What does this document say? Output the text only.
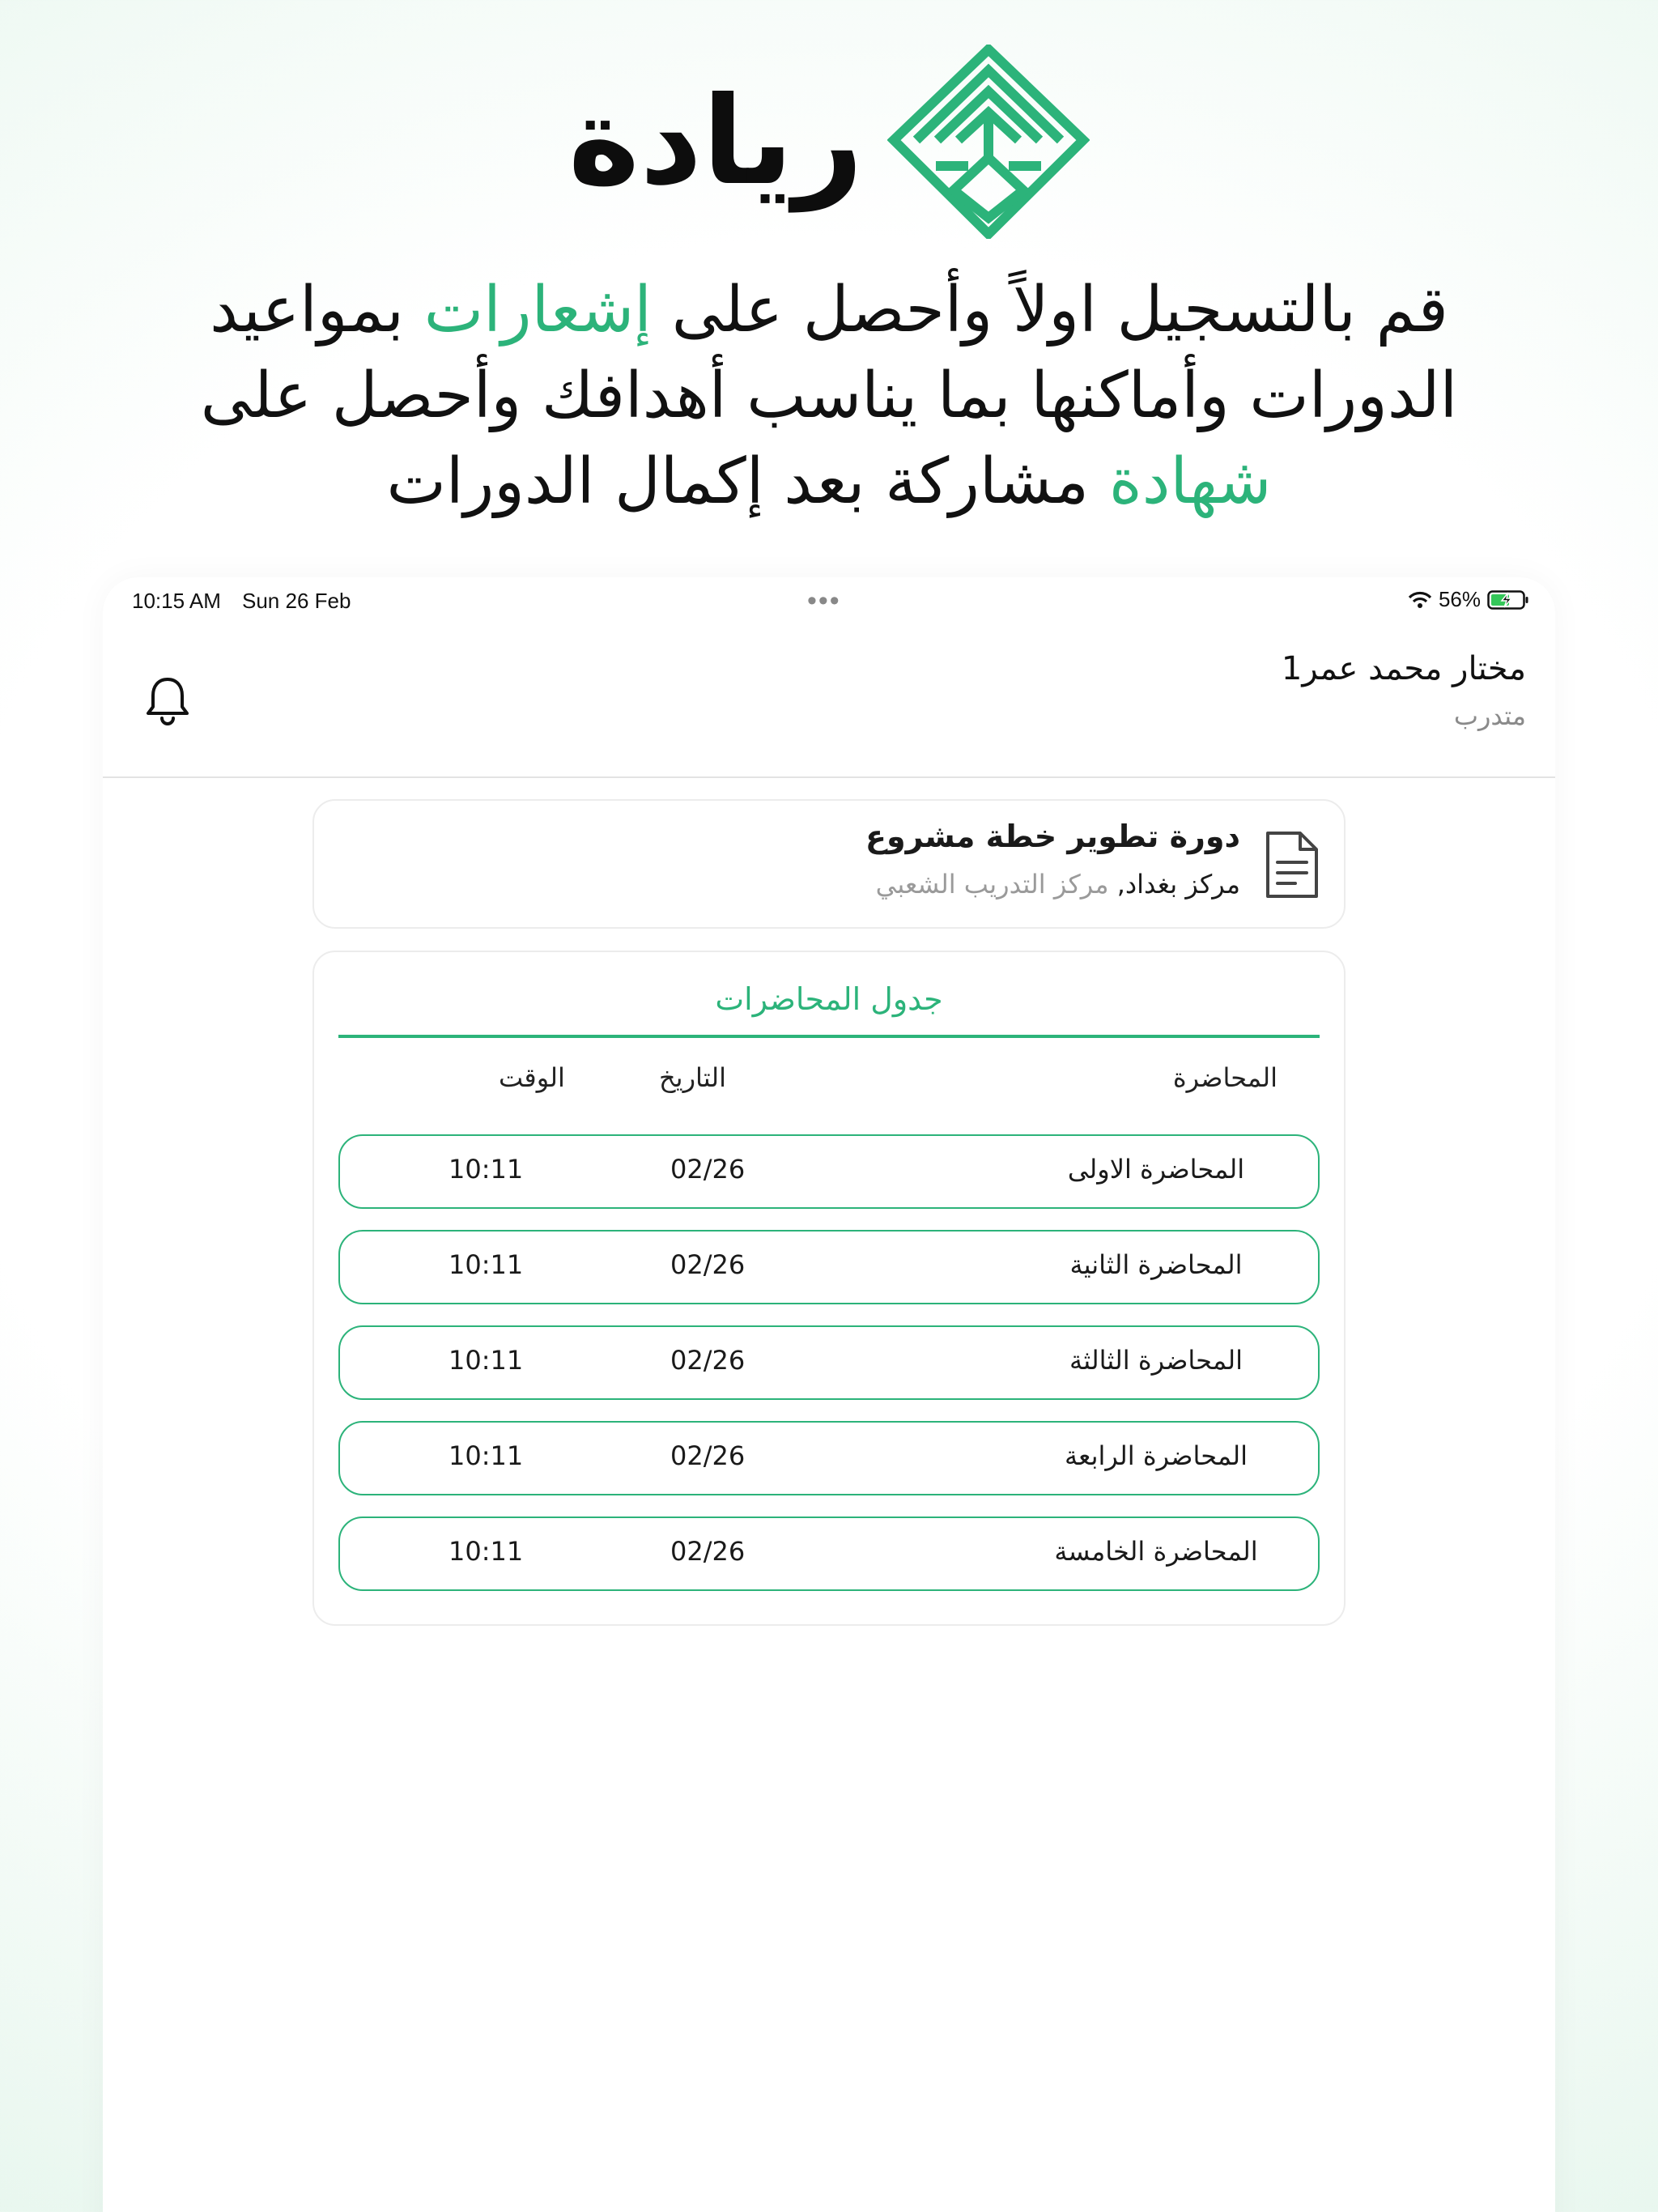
ريادة
قم بالتسجيل اولاً وأحصل على إشعارات بمواعيد الدورات وأماكنها بما يناسب أهدافك وأحصل على شهادة مشاركة بعد إكمال الدورات
10:15 AM Sun 26 Feb	•••	56%
مختار محمد عمر1
متدرب
دورة تطوير خطة مشروع
مركز بغداد, مركز التدريب الشعبي
جدول المحاضرات
المحاضرة
التاريخ
الوقت
المحاضرة الاولى
02/26
10:11
المحاضرة الثانية
02/26
10:11
المحاضرة الثالثة
02/26
10:11
المحاضرة الرابعة
02/26
10:11
المحاضرة الخامسة
02/26
10:11
